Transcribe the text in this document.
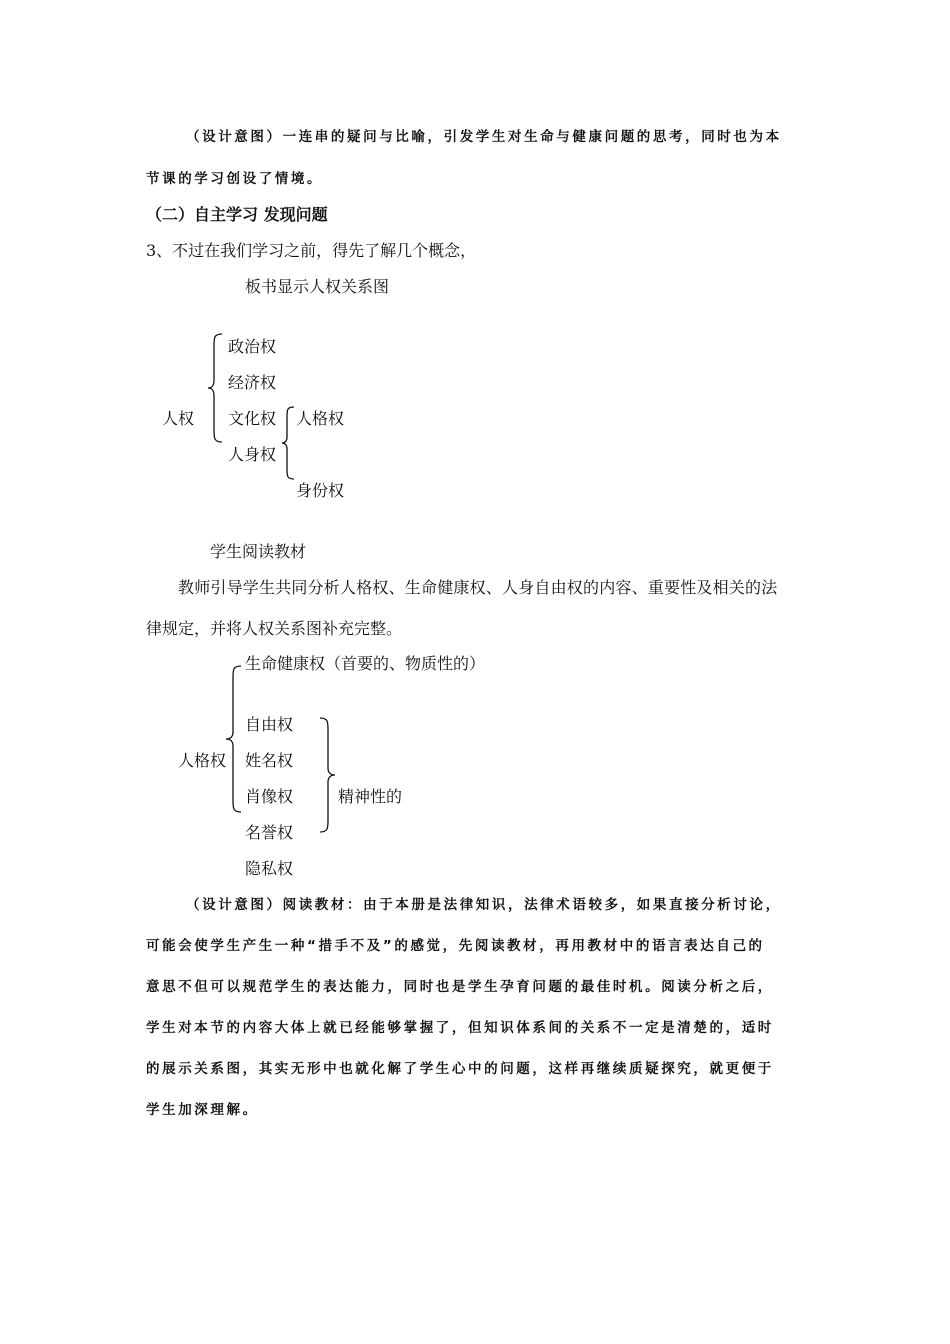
（设计意图）一连串的疑问与比喻，引发学生对生命与健康问题的思考，同时也为本
节课的学习创设了情境。
（二）自主学习 发现问题
3、不过在我们学习之前，得先了解几个概念，
板书显示人权关系图
人权
政治权
经济权
文化权
人身权
人格权
身份权
学生阅读教材
教师引导学生共同分析人格权、生命健康权、人身自由权的内容、重要性及相关的法
律规定，并将人权关系图补充完整。
人格权
生命健康权（首要的、物质性的）
自由权
姓名权
肖像权
名誉权
隐私权
精神性的
（设计意图）阅读教材：由于本册是法律知识，法律术语较多，如果直接分析讨论，
可能会使学生产生一种“措手不及”的感觉，先阅读教材，再用教材中的语言表达自己的
意思不但可以规范学生的表达能力，同时也是学生孕育问题的最佳时机。阅读分析之后，
学生对本节的内容大体上就已经能够掌握了，但知识体系间的关系不一定是清楚的，适时
的展示关系图，其实无形中也就化解了学生心中的问题，这样再继续质疑探究，就更便于
学生加深理解。
